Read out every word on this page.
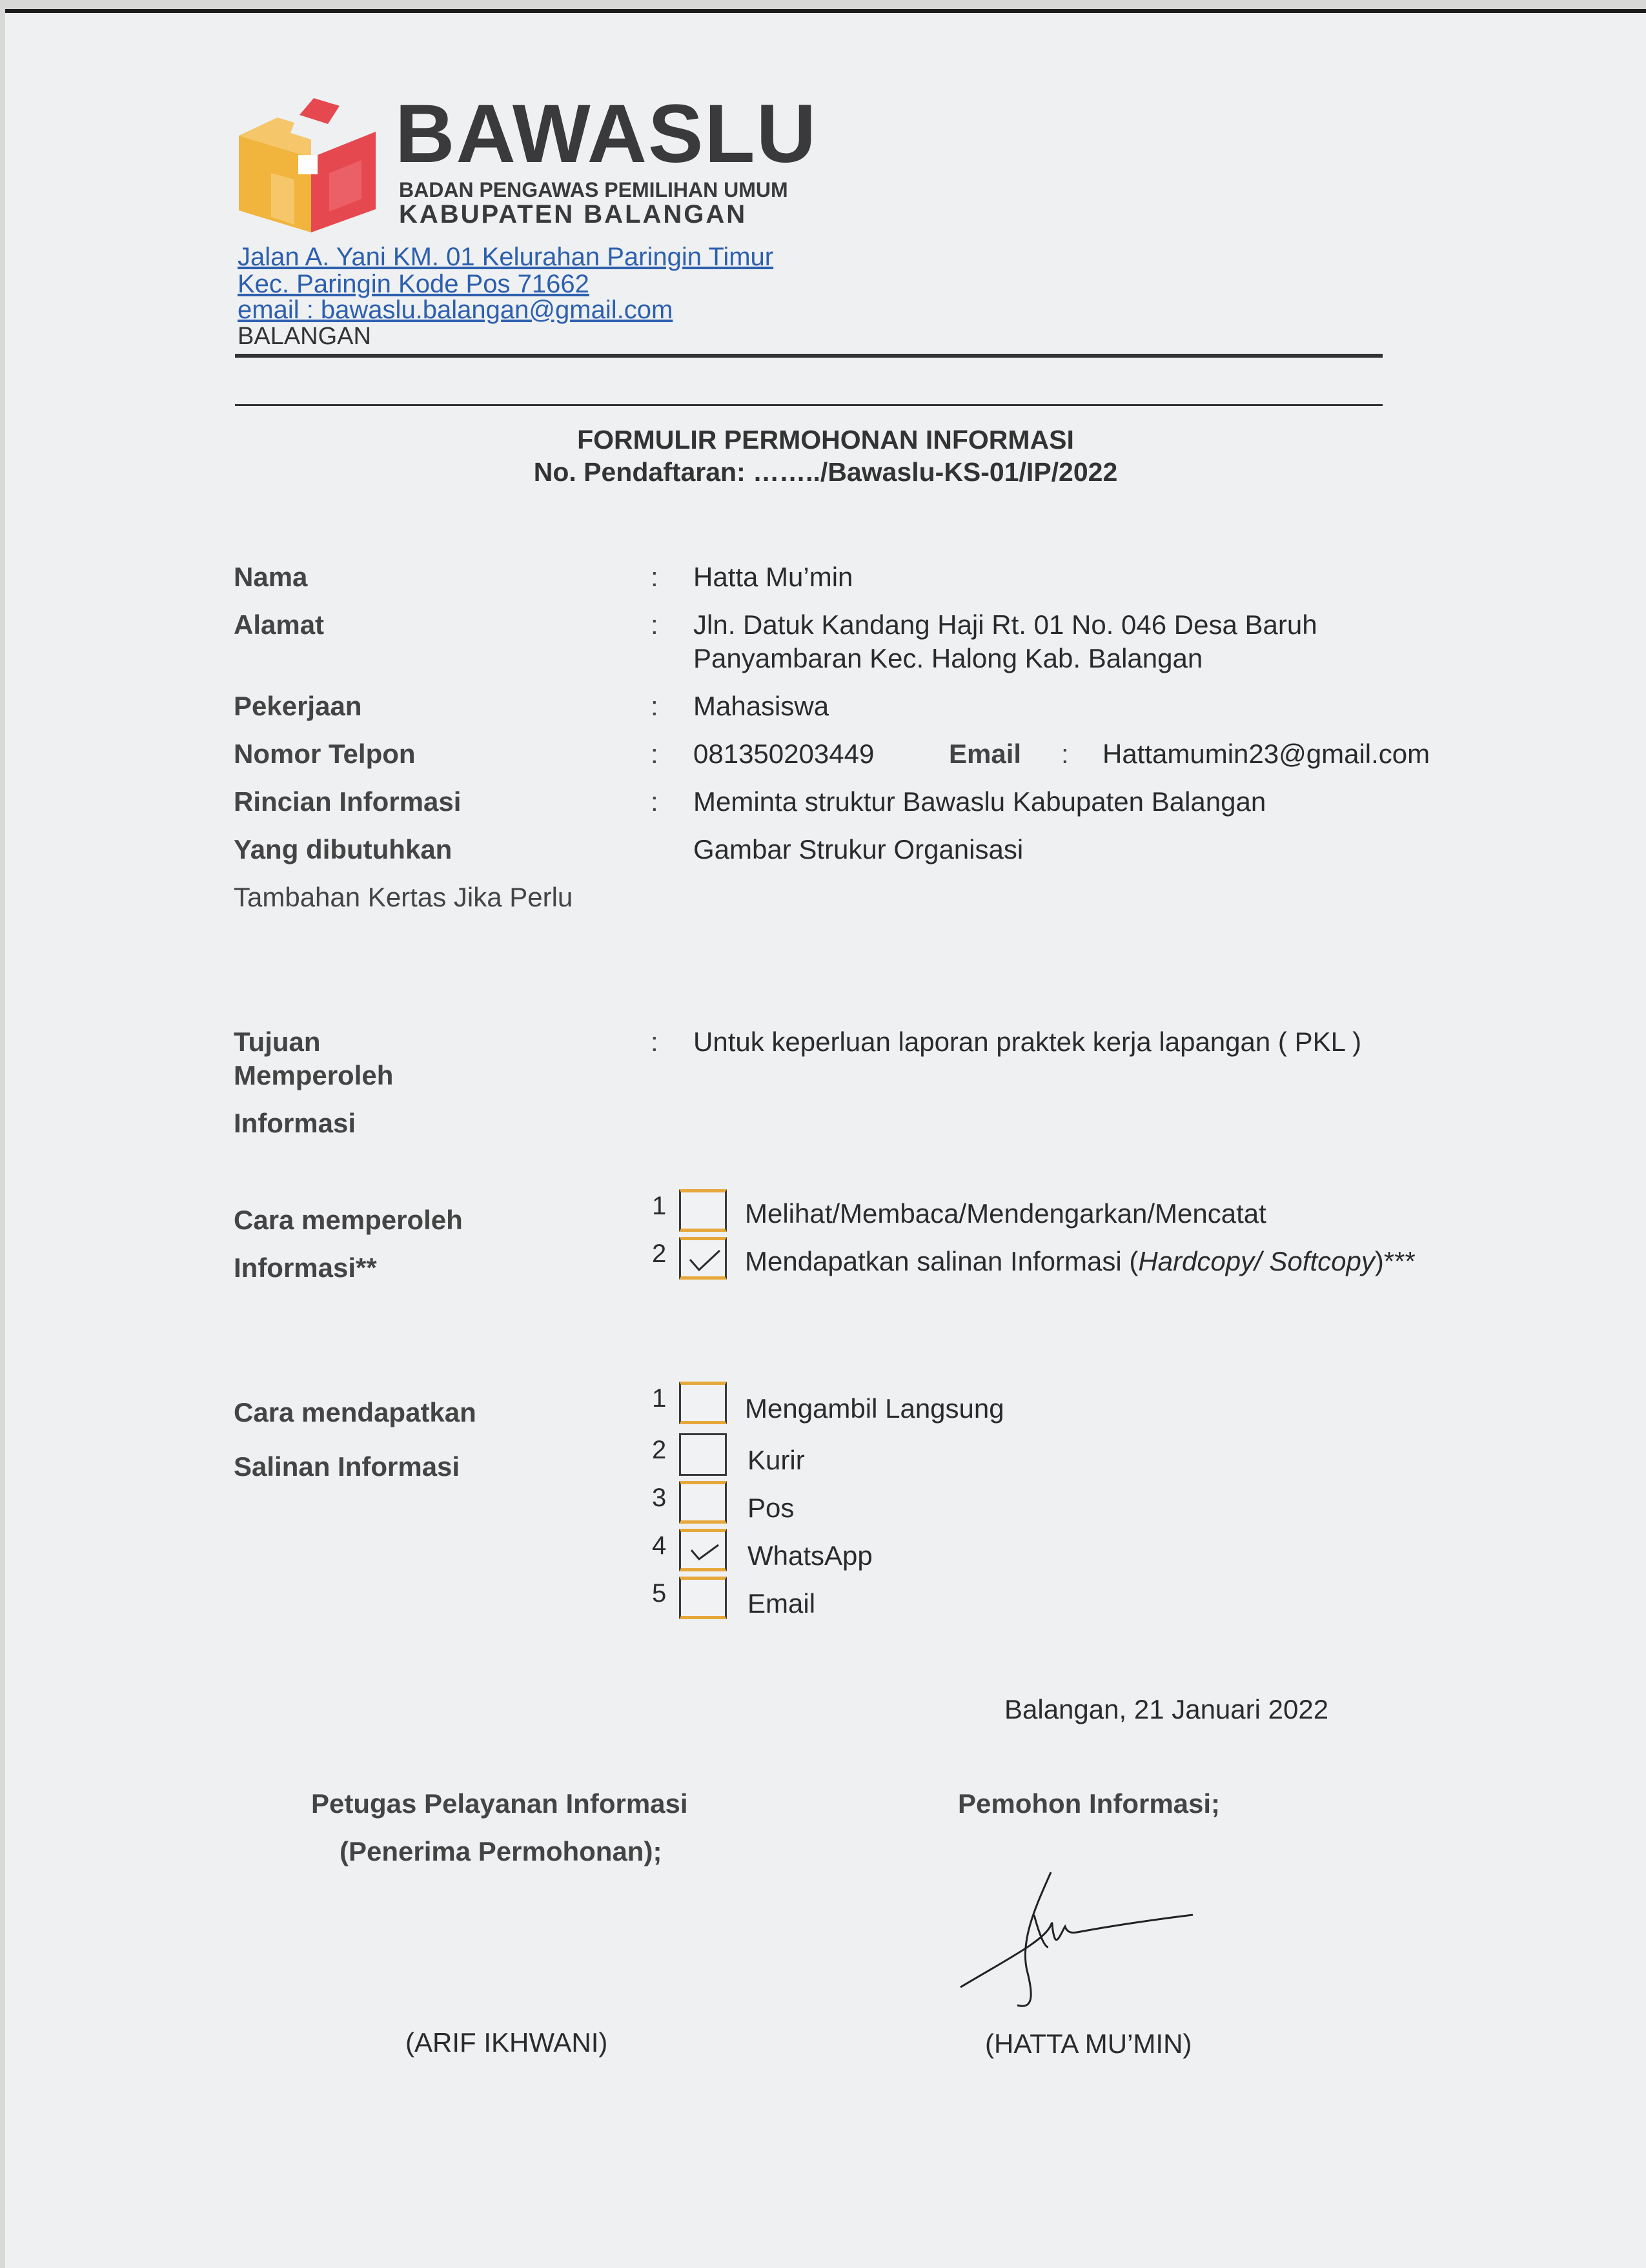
BAWASLU
BADAN PENGAWAS PEMILIHAN UMUM
KABUPATEN BALANGAN
Jalan A. Yani KM. 01 Kelurahan Paringin Timur
Kec. Paringin Kode Pos 71662
email : bawaslu.balangan@gmail.com
BALANGAN
FORMULIR PERMOHONAN INFORMASI
No. Pendaftaran: ……../Bawaslu-KS-01/IP/2022
Nama	: Hatta Mu’min
Alamat	: Jln. Datuk Kandang Haji Rt. 01 No. 046 Desa Baruh
Panyambaran Kec. Halong Kab. Balangan
Pekerjaan	: Mahasiswa
Nomor Telpon	: 081350203449	Email : Hattamumin23@gmail.com
Rincian Informasi	: Meminta struktur Bawaslu Kabupaten Balangan
Yang dibutuhkan	Gambar Strukur Organisasi
Tambahan Kertas Jika Perlu
Tujuan
Memperoleh
Informasi
: Untuk keperluan laporan praktek kerja lapangan ( PKL )
Cara memperoleh
Informasi**
1	Melihat/Membaca/Mendengarkan/Mencatat
2	Mendapatkan salinan Informasi (Hardcopy/ Softcopy)***
Cara mendapatkan
Salinan Informasi
1	Mengambil Langsung
2	Kurir
3	Pos
4	WhatsApp
5	Email
Balangan, 21 Januari 2022
Petugas Pelayanan Informasi
(Penerima Permohonan);
Pemohon Informasi;
(ARIF IKHWANI)	(HATTA MU’MIN)
